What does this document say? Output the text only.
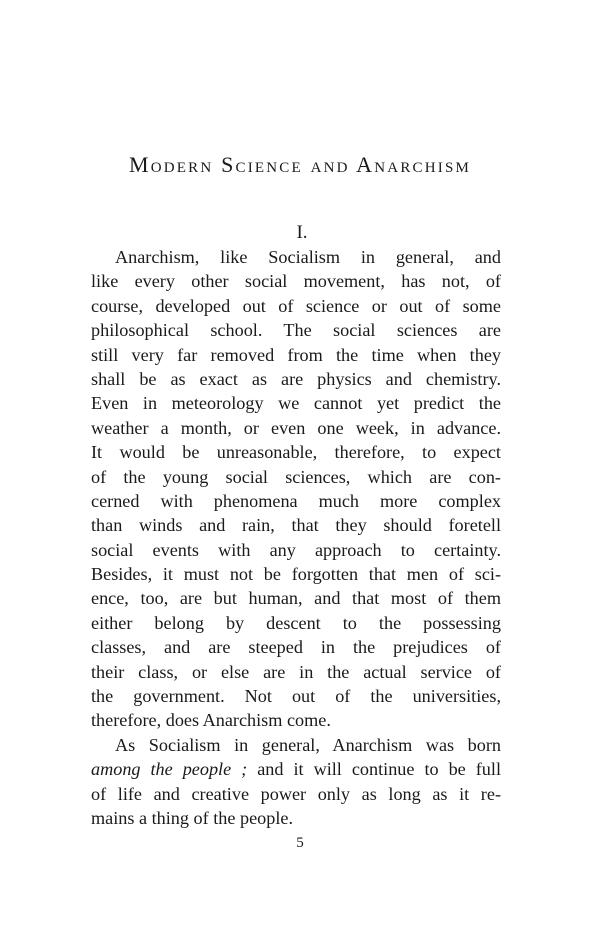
Modern Science and Anarchism
I.
Anarchism, like Socialism in general, and
like every other social movement, has not, of
course, developed out of science or out of some
philosophical school. The social sciences are
still very far removed from the time when they
shall be as exact as are physics and chemistry.
Even in meteorology we cannot yet predict the
weather a month, or even one week, in advance.
It would be unreasonable, therefore, to expect
of the young social sciences, which are con-
cerned with phenomena much more complex
than winds and rain, that they should foretell
social events with any approach to certainty.
Besides, it must not be forgotten that men of sci-
ence, too, are but human, and that most of them
either belong by descent to the possessing
classes, and are steeped in the prejudices of
their class, or else are in the actual service of
the government. Not out of the universities,
therefore, does Anarchism come.
As Socialism in general, Anarchism was born
among the people ; and it will continue to be full
of life and creative power only as long as it re-
mains a thing of the people.
5
